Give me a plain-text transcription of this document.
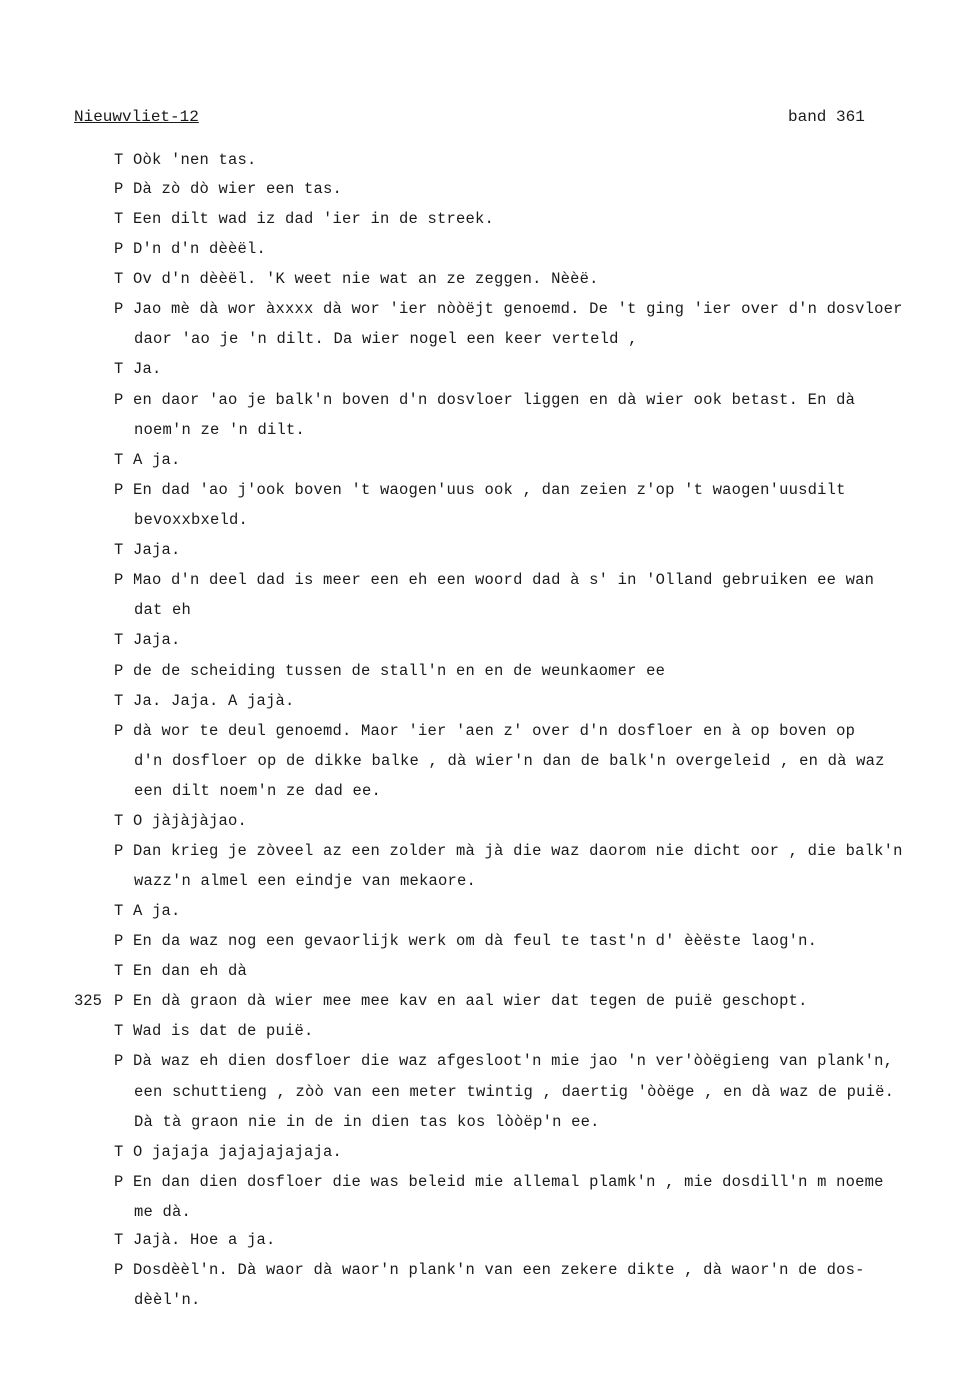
Nieuwvliet-12	band 361
T Oòk 'nen tas.
P Dà zò dò wier een tas.
T Een dilt wad iz dad 'ier in de streek.
P D'n d'n dèèël.
T Ov d'n dèèël. 'K weet nie wat an ze zeggen. Nèèë.
P Jao mè dà wor àxxxx dà wor 'ier nòòëjt genoemd. De 't ging 'ier over d'n dosvloer
daor 'ao je 'n dilt. Da wier nogel een keer verteld ,
T Ja.
P en daor 'ao je balk'n boven d'n dosvloer liggen en dà wier ook betast. En dà
noem'n ze 'n dilt.
T A ja.
P En dad 'ao j'ook boven 't waogen'uus ook , dan zeien z'op 't waogen'uusdilt
bevoxxbxeld.
T Jaja.
P Mao d'n deel dad is meer een eh een woord dad à s' in 'Olland gebruiken ee wan
dat eh
T Jaja.
P de de scheiding tussen de stall'n en en de weunkaomer ee
T Ja. Jaja. A jajà.
P dà wor te deul genoemd. Maor 'ier 'aen z' over d'n dosfloer en à op boven op
d'n dosfloer op de dikke balke , dà wier'n dan de balk'n overgeleid , en dà waz
een dilt noem'n ze dad ee.
T O jàjàjàjao.
P Dan krieg je zòveel az een zolder mà jà die waz daorom nie dicht oor , die balk'n
wazz'n almel een eindje van mekaore.
T A ja.
P En da waz nog een gevaorlijk werk om dà feul te tast'n d' èèëste laog'n.
T En dan eh dà
325 P En dà graon dà wier mee mee kav en aal wier dat tegen de puië geschopt.
T Wad is dat de puië.
P Dà waz eh dien dosfloer die waz afgesloot'n mie jao 'n ver'òòëgieng van plank'n,
een schuttieng , zòò van een meter twintig , daertig 'òòëge , en dà waz de puië.
Dà tà graon nie in de in dien tas kos lòòëp'n ee.
T O jajaja jajajajajaja.
P En dan dien dosfloer die was beleid mie allemal plamk'n , mie dosdill'n m noeme
me dà.
T Jajà. Hoe a ja.
P Dosdèèl'n. Dà waor dà waor'n plank'n van een zekere dikte , dà waor'n de dos-
dèèl'n.
